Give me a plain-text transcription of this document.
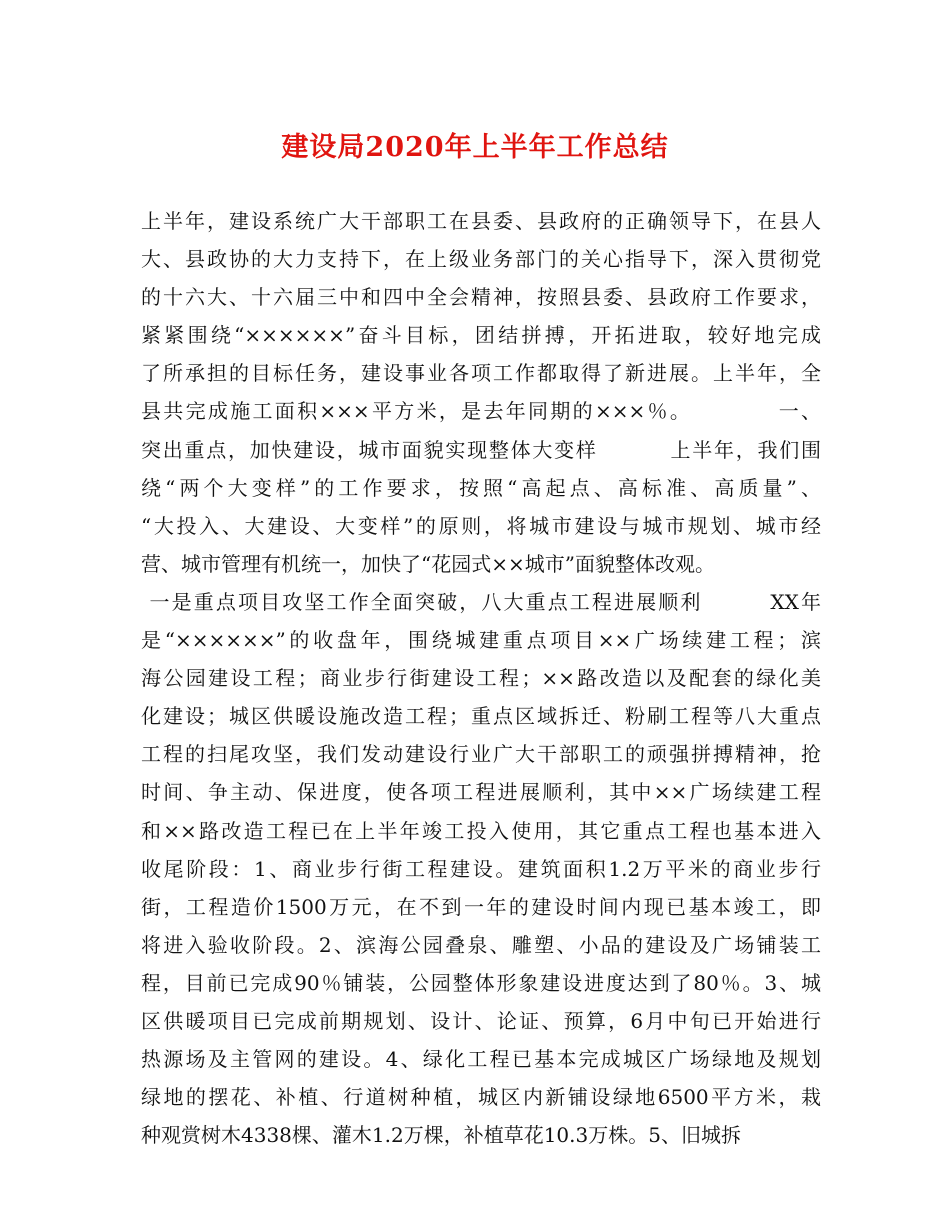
建设局2020年上半年工作总结
上半年，建设系统广大干部职工在县委、县政府的正确领导下，在县人
大、县政协的大力支持下，在上级业务部门的关心指导下，深入贯彻党
的十六大、十六届三中和四中全会精神，按照县委、县政府工作要求，
紧紧围绕“××××××”奋斗目标，团结拼搏，开拓进取，较好地完成
了所承担的目标任务，建设事业各项工作都取得了新进展。上半年，全
县共完成施工面积×××平方米，是去年同期的×××％。          一、
突出重点，加快建设，城市面貌实现整体大变样         上半年，我们围
绕“两个大变样”的工作要求，按照“高起点、高标准、高质量”、
“大投入、大建设、大变样”的原则，将城市建设与城市规划、城市经
营、城市管理有机统一，加快了“花园式××城市”面貌整体改观。
一是重点项目攻坚工作全面突破，八大重点工程进展顺利        XX年
是“××××××”的收盘年，围绕城建重点项目××广场续建工程；滨
海公园建设工程；商业步行街建设工程；××路改造以及配套的绿化美
化建设；城区供暖设施改造工程；重点区域拆迁、粉刷工程等八大重点
工程的扫尾攻坚，我们发动建设行业广大干部职工的顽强拼搏精神，抢
时间、争主动、保进度，使各项工程进展顺利，其中××广场续建工程
和××路改造工程已在上半年竣工投入使用，其它重点工程也基本进入
收尾阶段：1、商业步行街工程建设。建筑面积1.2万平米的商业步行
街，工程造价1500万元，在不到一年的建设时间内现已基本竣工，即
将进入验收阶段。2、滨海公园叠泉、雕塑、小品的建设及广场铺装工
程，目前已完成90％铺装，公园整体形象建设进度达到了80％。3、城
区供暖项目已完成前期规划、设计、论证、预算，6月中旬已开始进行
热源场及主管网的建设。4、绿化工程已基本完成城区广场绿地及规划
绿地的摆花、补植、行道树种植，城区内新铺设绿地6500平方米，栽
种观赏树木4338棵、灌木1.2万棵，补植草花10.3万株。5、旧城拆
